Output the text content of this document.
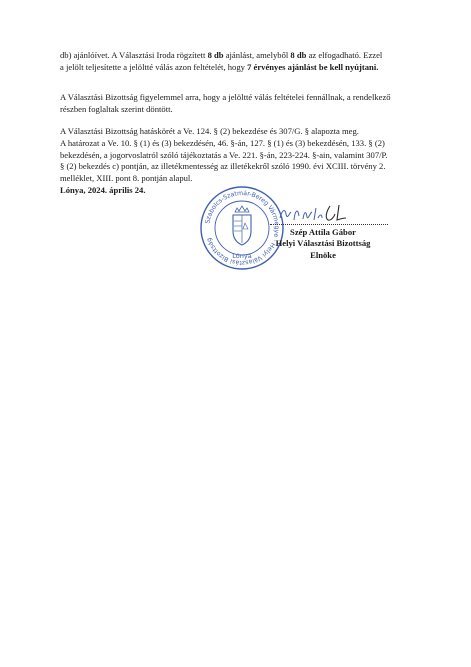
db) ajánlóívet. A Választási Iroda rögzített 8 db ajánlást, amelyből 8 db az elfogadható. Ezzel
a jelölt teljesítette a jelöltté válás azon feltételét, hogy 7 érvényes ajánlást be kell nyújtani.

A Választási Bizottság figyelemmel arra, hogy a jelöltté válás feltételei fennállnak, a rendelkező
részben foglaltak szerint döntött.

A Választási Bizottság hatáskörét a Ve. 124. § (2) bekezdése és 307/G. § alapozta meg.
A határozat a Ve. 10. § (1) és (3) bekezdésén, 46. §-án, 127. § (1) és (3) bekezdésén, 133. § (2)
bekezdésén, a jogorvoslatról szóló tájékoztatás a Ve. 221. §-án, 223-224. §-ain, valamint 307/P.
§ (2) bekezdés c) pontján, az illetékmentesség az illetékekről szóló 1990. évi XCIII. törvény 2.
melléklet, XIII. pont 8. pontján alapul.

Lónya, 2024. április 24.
Szabolcs-Szatmár-Bereg Vármegye · Helyi Választási Bizottság
Lónya
Szép Attila Gábor
Helyi Választási Bizottság
Elnöke
